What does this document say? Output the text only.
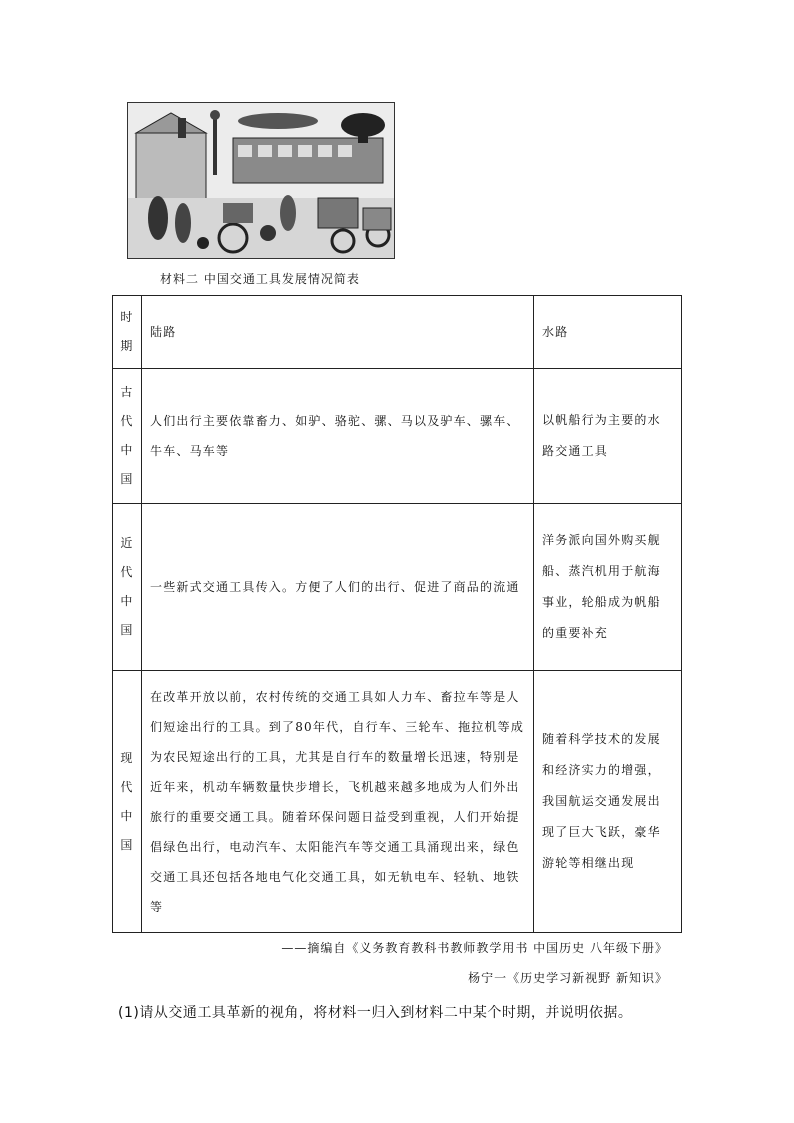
材料二 中国交通工具发展情况简表
时期	陆路	水路
古代中国	人们出行主要依靠畜力、如驴、骆驼、骡、马以及驴车、骡车、牛车、马车等	以帆船行为主要的水路交通工具
近代中国	一些新式交通工具传入。方便了人们的出行、促进了商品的流通	洋务派向国外购买舰船、蒸汽机用于航海事业，轮船成为帆船的重要补充
现代中国	在改革开放以前，农村传统的交通工具如人力车、畜拉车等是人们短途出行的工具。到了80年代，自行车、三轮车、拖拉机等成为农民短途出行的工具，尤其是自行车的数量增长迅速，特别是近年来，机动车辆数量快步增长，飞机越来越多地成为人们外出旅行的重要交通工具。随着环保问题日益受到重视，人们开始提倡绿色出行，电动汽车、太阳能汽车等交通工具涌现出来，绿色交通工具还包括各地电气化交通工具，如无轨电车、轻轨、地铁等	随着科学技术的发展和经济实力的增强，我国航运交通发展出现了巨大飞跃，豪华游轮等相继出现
——摘编自《义务教育教科书教师教学用书 中国历史 八年级下册》
杨宁一《历史学习新视野 新知识》
(1)请从交通工具革新的视角，将材料一归入到材料二中某个时期，并说明依据。
